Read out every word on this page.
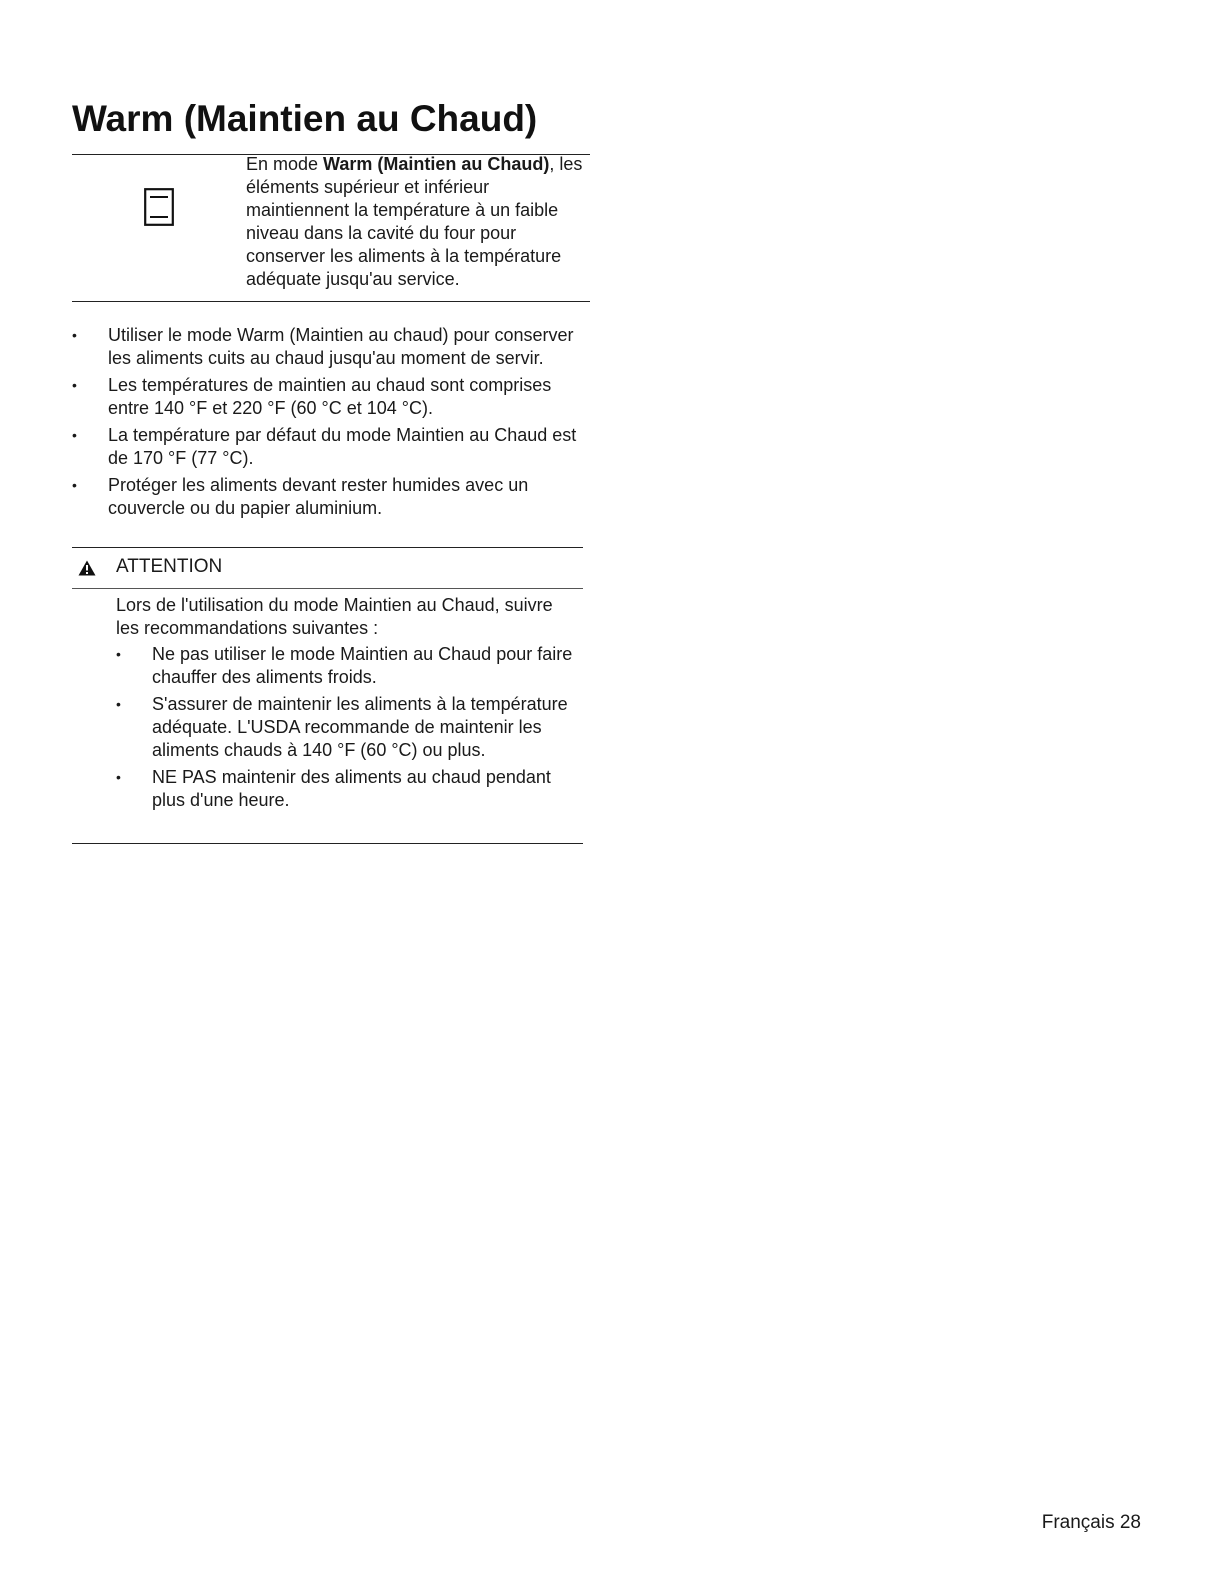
Warm (Maintien au Chaud)

En mode Warm (Maintien au Chaud), les éléments supérieur et inférieur maintiennent la température à un faible niveau dans la cavité du four pour conserver les aliments à la température adéquate jusqu'au service.

• Utiliser le mode Warm (Maintien au chaud) pour conserver les aliments cuits au chaud jusqu'au moment de servir.
• Les températures de maintien au chaud sont comprises entre 140 °F et 220 °F (60 °C et 104 °C).
• La température par défaut du mode Maintien au Chaud est de 170 °F (77 °C).
• Protéger les aliments devant rester humides avec un couvercle ou du papier aluminium.
ATTENTION

Lors de l'utilisation du mode Maintien au Chaud, suivre les recommandations suivantes :

• Ne pas utiliser le mode Maintien au Chaud pour faire chauffer des aliments froids.
• S'assurer de maintenir les aliments à la température adéquate. L'USDA recommande de maintenir les aliments chauds à 140 °F (60 °C) ou plus.
• NE PAS maintenir des aliments au chaud pendant plus d'une heure.
Français 28
